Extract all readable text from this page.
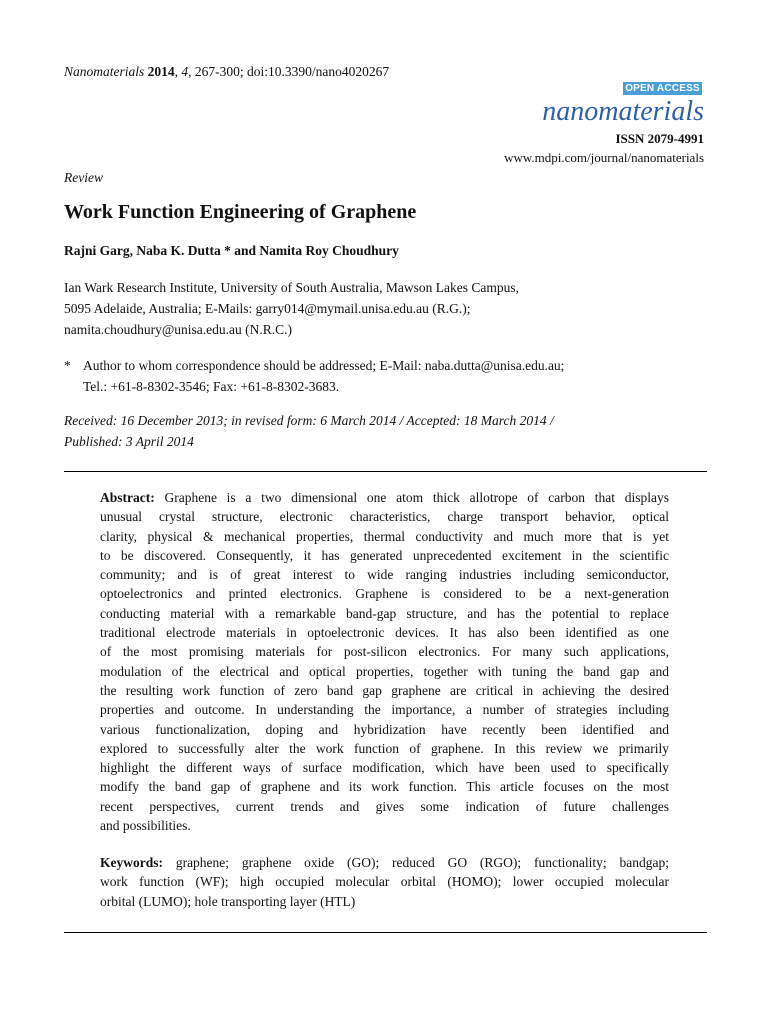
Nanomaterials 2014, 4, 267-300; doi:10.3390/nano4020267
OPEN ACCESS
nanomaterials
ISSN 2079-4991
www.mdpi.com/journal/nanomaterials
Review
Work Function Engineering of Graphene
Rajni Garg, Naba K. Dutta * and Namita Roy Choudhury
Ian Wark Research Institute, University of South Australia, Mawson Lakes Campus,
5095 Adelaide, Australia; E-Mails: garry014@mymail.unisa.edu.au (R.G.);
namita.choudhury@unisa.edu.au (N.R.C.)
* Author to whom correspondence should be addressed; E-Mail: naba.dutta@unisa.edu.au;
Tel.: +61-8-8302-3546; Fax: +61-8-8302-3683.
Received: 16 December 2013; in revised form: 6 March 2014 / Accepted: 18 March 2014 /
Published: 3 April 2014
Abstract: Graphene is a two dimensional one atom thick allotrope of carbon that displays
unusual crystal structure, electronic characteristics, charge transport behavior, optical
clarity, physical & mechanical properties, thermal conductivity and much more that is yet
to be discovered. Consequently, it has generated unprecedented excitement in the scientific
community; and is of great interest to wide ranging industries including semiconductor,
optoelectronics and printed electronics. Graphene is considered to be a next-generation
conducting material with a remarkable band-gap structure, and has the potential to replace
traditional electrode materials in optoelectronic devices. It has also been identified as one
of the most promising materials for post-silicon electronics. For many such applications,
modulation of the electrical and optical properties, together with tuning the band gap and
the resulting work function of zero band gap graphene are critical in achieving the desired
properties and outcome. In understanding the importance, a number of strategies including
various functionalization, doping and hybridization have recently been identified and
explored to successfully alter the work function of graphene. In this review we primarily
highlight the different ways of surface modification, which have been used to specifically
modify the band gap of graphene and its work function. This article focuses on the most
recent perspectives, current trends and gives some indication of future challenges
and possibilities.
Keywords: graphene; graphene oxide (GO); reduced GO (RGO); functionality; bandgap;
work function (WF); high occupied molecular orbital (HOMO); lower occupied molecular
orbital (LUMO); hole transporting layer (HTL)
